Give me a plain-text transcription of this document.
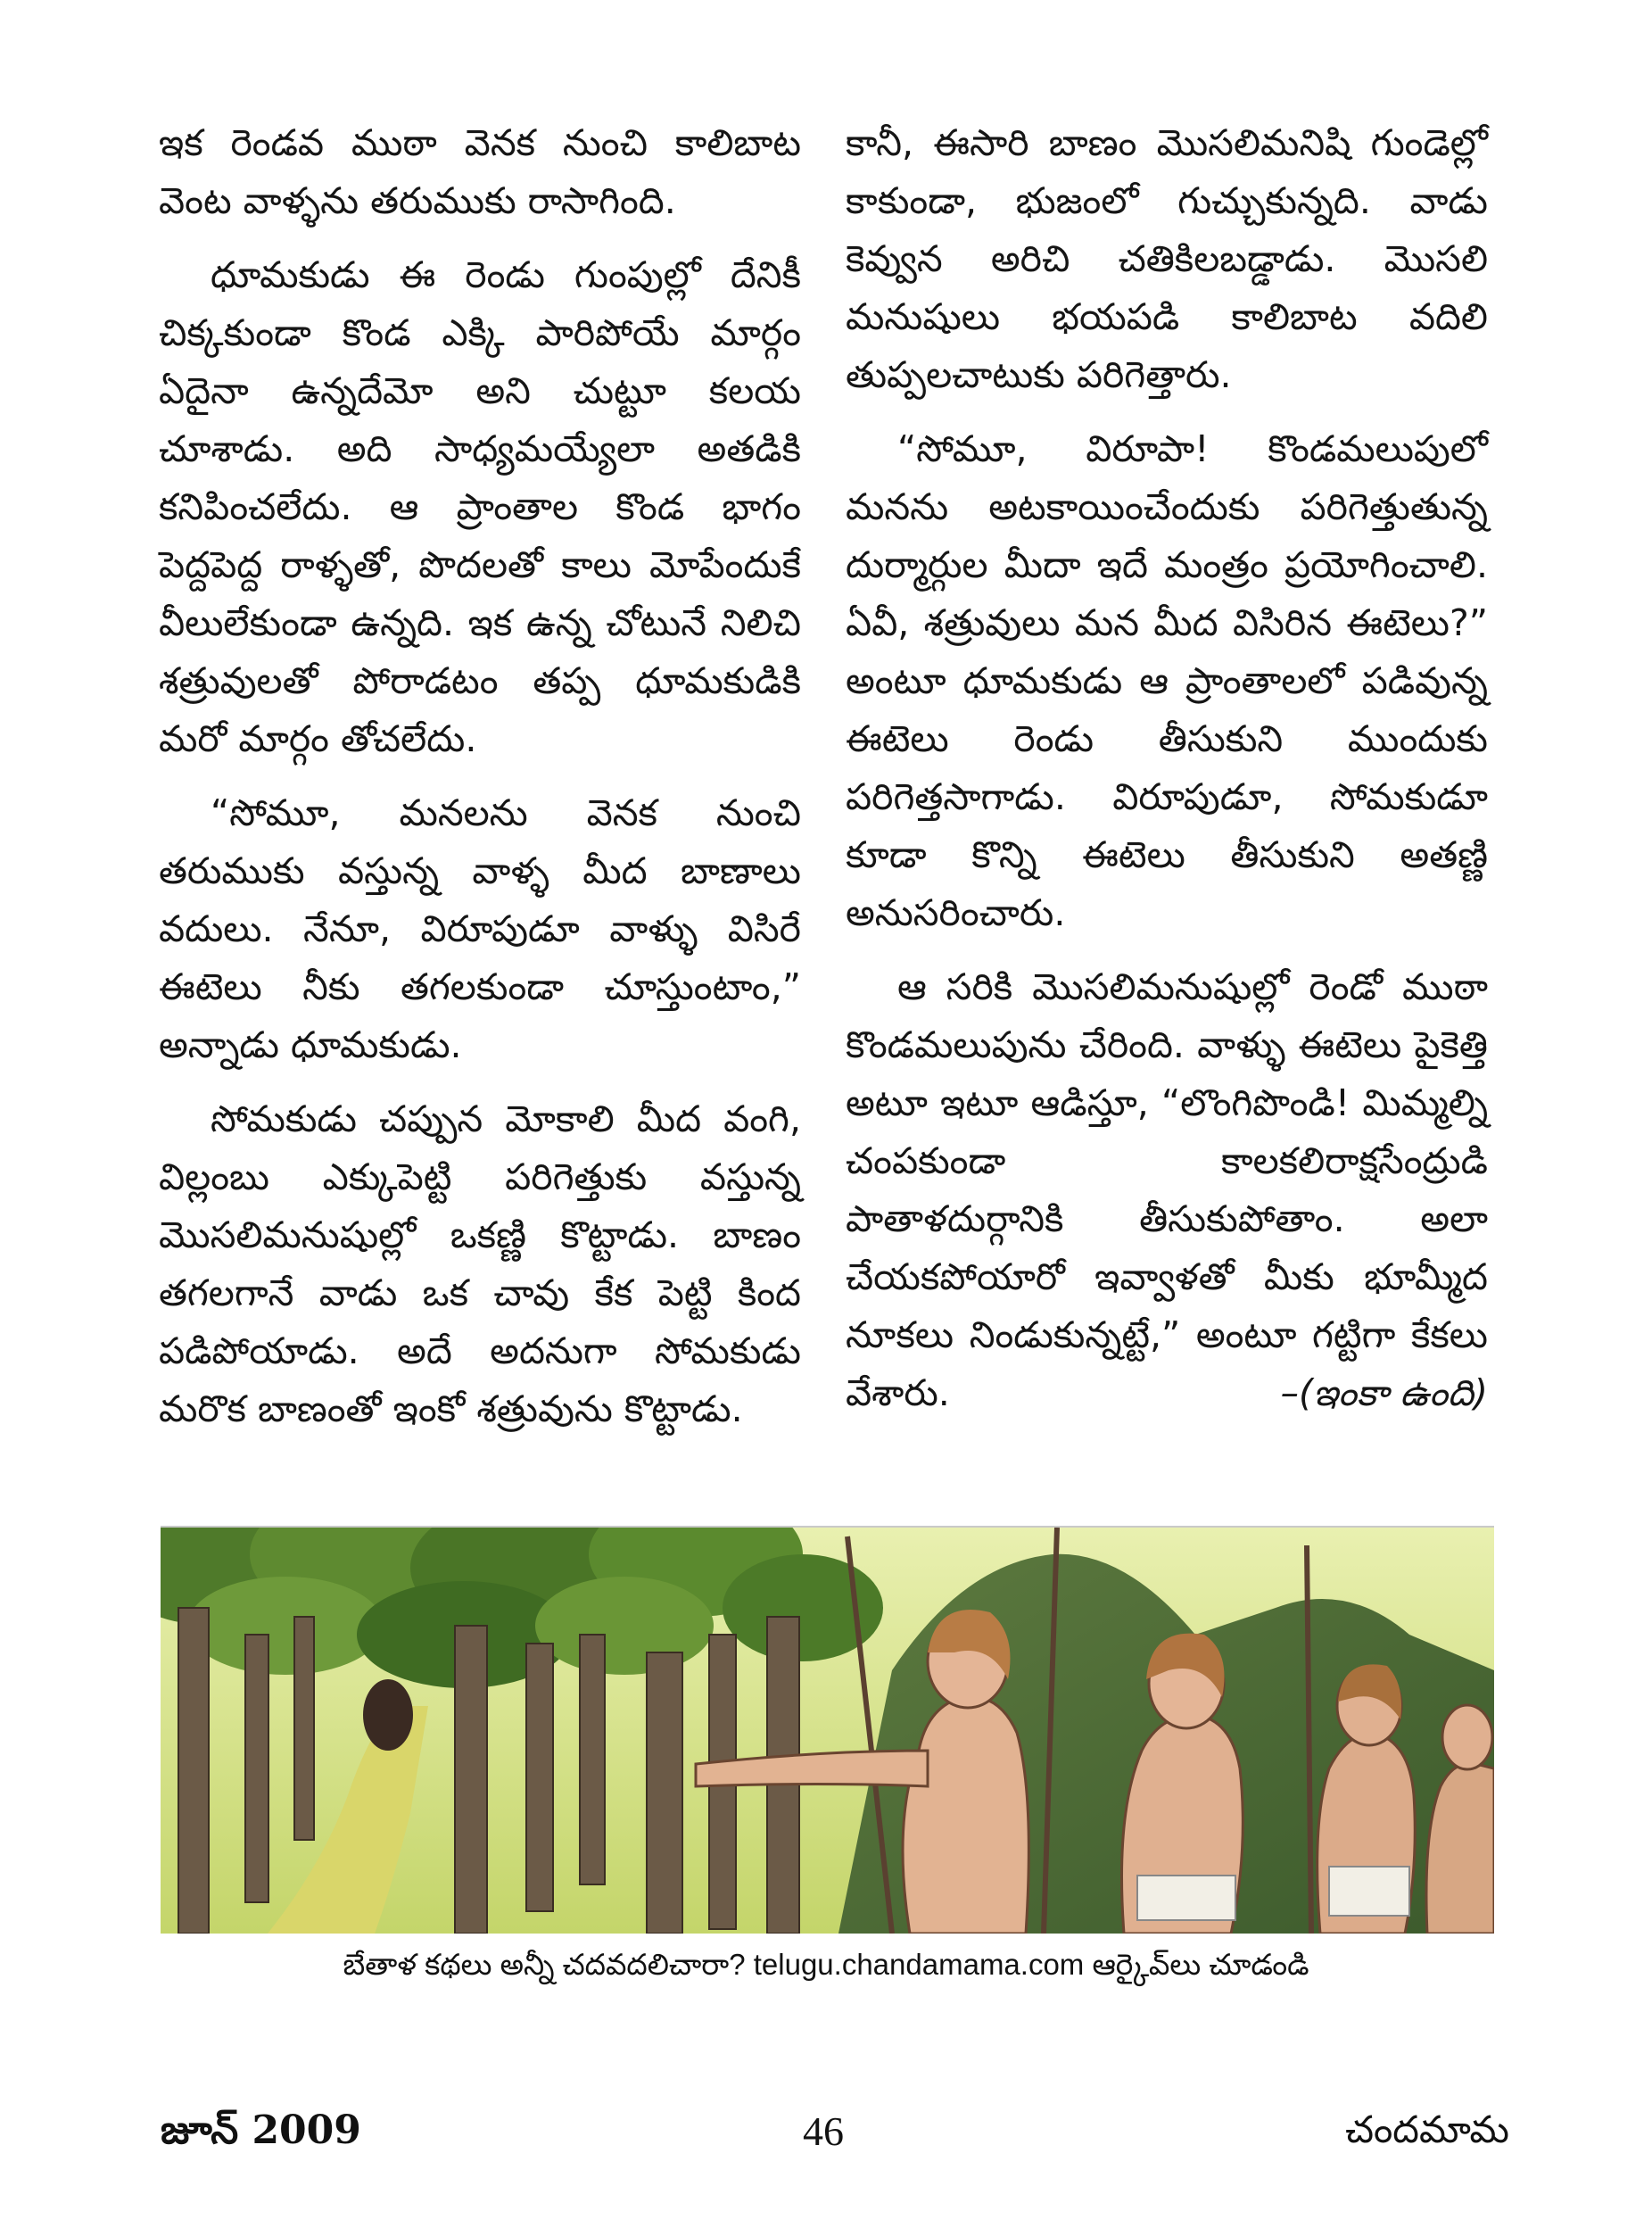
ఇక రెండవ ముఠా వెనక నుంచి కాలిబాట వెంట వాళ్ళను తరుముకు రాసాగింది.

ధూమకుడు ఈ రెండు గుంపుల్లో దేనికీ చిక్కకుండా కొండ ఎక్కి పారిపోయే మార్గం ఏదైనా ఉన్నదేమో అని చుట్టూ కలయ చూశాడు. అది సాధ్యమయ్యేలా అతడికి కనిపించలేదు. ఆ ప్రాంతాల కొండ భాగం పెద్దపెద్ద రాళ్ళతో, పొదలతో కాలు మోపేందుకే వీలులేకుండా ఉన్నది. ఇక ఉన్న చోటునే నిలిచి శత్రువులతో పోరాడటం తప్ప ధూమకుడికి మరో మార్గం తోచలేదు.

“సోమూ, మనలను వెనక నుంచి తరుముకు వస్తున్న వాళ్ళ మీద బాణాలు వదులు. నేనూ, విరూపుడూ వాళ్ళు విసిరే ఈటెలు నీకు తగలకుండా చూస్తుంటాం,” అన్నాడు ధూమకుడు.

సోమకుడు చప్పున మోకాలి మీద వంగి, విల్లంబు ఎక్కుపెట్టి పరిగెత్తుకు వస్తున్న మొసలిమనుషుల్లో ఒకణ్ణి కొట్టాడు. బాణం తగలగానే వాడు ఒక చావు కేక పెట్టి కింద పడిపోయాడు. అదే అదనుగా సోమకుడు మరొక బాణంతో ఇంకో శత్రువును కొట్టాడు.

కానీ, ఈసారి బాణం మొసలిమనిషి గుండెల్లో కాకుండా, భుజంలో గుచ్చుకున్నది. వాడు కెవ్వున అరిచి చతికిలబడ్డాడు. మొసలి మనుషులు భయపడి కాలిబాట వదిలి తుప్పలచాటుకు పరిగెత్తారు.

“సోమూ, విరూపా! కొండమలుపులో మనను అటకాయించేందుకు పరిగెత్తుతున్న దుర్మార్గుల మీదా ఇదే మంత్రం ప్రయోగించాలి. ఏవీ, శత్రువులు మన మీద విసిరిన ఈటెలు?” అంటూ ధూమకుడు ఆ ప్రాంతాలలో పడివున్న ఈటెలు రెండు తీసుకుని ముందుకు పరిగెత్తసాగాడు. విరూపుడూ, సోమకుడూ కూడా కొన్ని ఈటెలు తీసుకుని అతణ్ణి అనుసరించారు.

ఆ సరికి మొసలిమనుషుల్లో రెండో ముఠా కొండమలుపును చేరింది. వాళ్ళు ఈటెలు పైకెత్తి అటూ ఇటూ ఆడిస్తూ, “లొంగిపొండి! మిమ్మల్ని చంపకుండా కాలకలిరాక్షసేంద్రుడి పాతాళదుర్గానికి తీసుకుపోతాం. అలా చేయకపోయారో ఇవ్వాళతో మీకు భూమ్మీద నూకలు నిండుకున్నట్టే,” అంటూ గట్టిగా కేకలు వేశారు.	–(ఇంకా ఉంది)

బేతాళ కథలు అన్నీ చదవదలిచారా? telugu.chandamama.com ఆర్కైవ్‌లు చూడండి
జూన్ 2009	46	చందమామ
